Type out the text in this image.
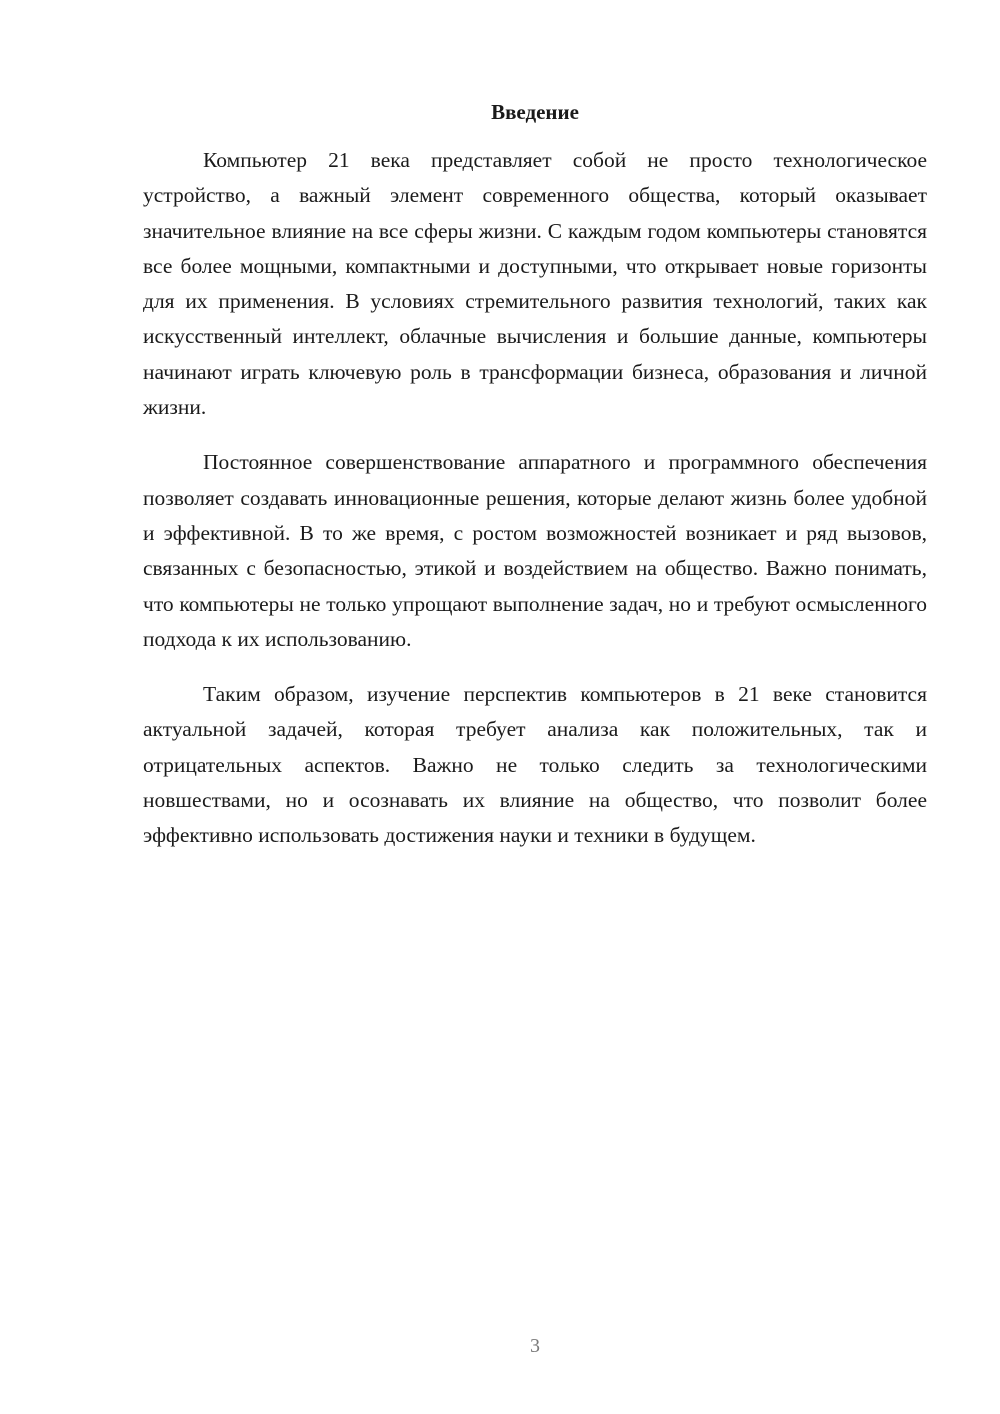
Введение

Компьютер 21 века представляет собой не просто технологическое устройство, а важный элемент современного общества, который оказывает значительное влияние на все сферы жизни. С каждым годом компьютеры становятся все более мощными, компактными и доступными, что открывает новые горизонты для их применения. В условиях стремительного развития технологий, таких как искусственный интеллект, облачные вычисления и большие данные, компьютеры начинают играть ключевую роль в трансформации бизнеса, образования и личной жизни.

Постоянное совершенствование аппаратного и программного обеспечения позволяет создавать инновационные решения, которые делают жизнь более удобной и эффективной. В то же время, с ростом возможностей возникает и ряд вызовов, связанных с безопасностью, этикой и воздействием на общество. Важно понимать, что компьютеры не только упрощают выполнение задач, но и требуют осмысленного подхода к их использованию.

Таким образом, изучение перспектив компьютеров в 21 веке становится актуальной задачей, которая требует анализа как положительных, так и отрицательных аспектов. Важно не только следить за технологическими новшествами, но и осознавать их влияние на общество, что позволит более эффективно использовать достижения науки и техники в будущем.

3
